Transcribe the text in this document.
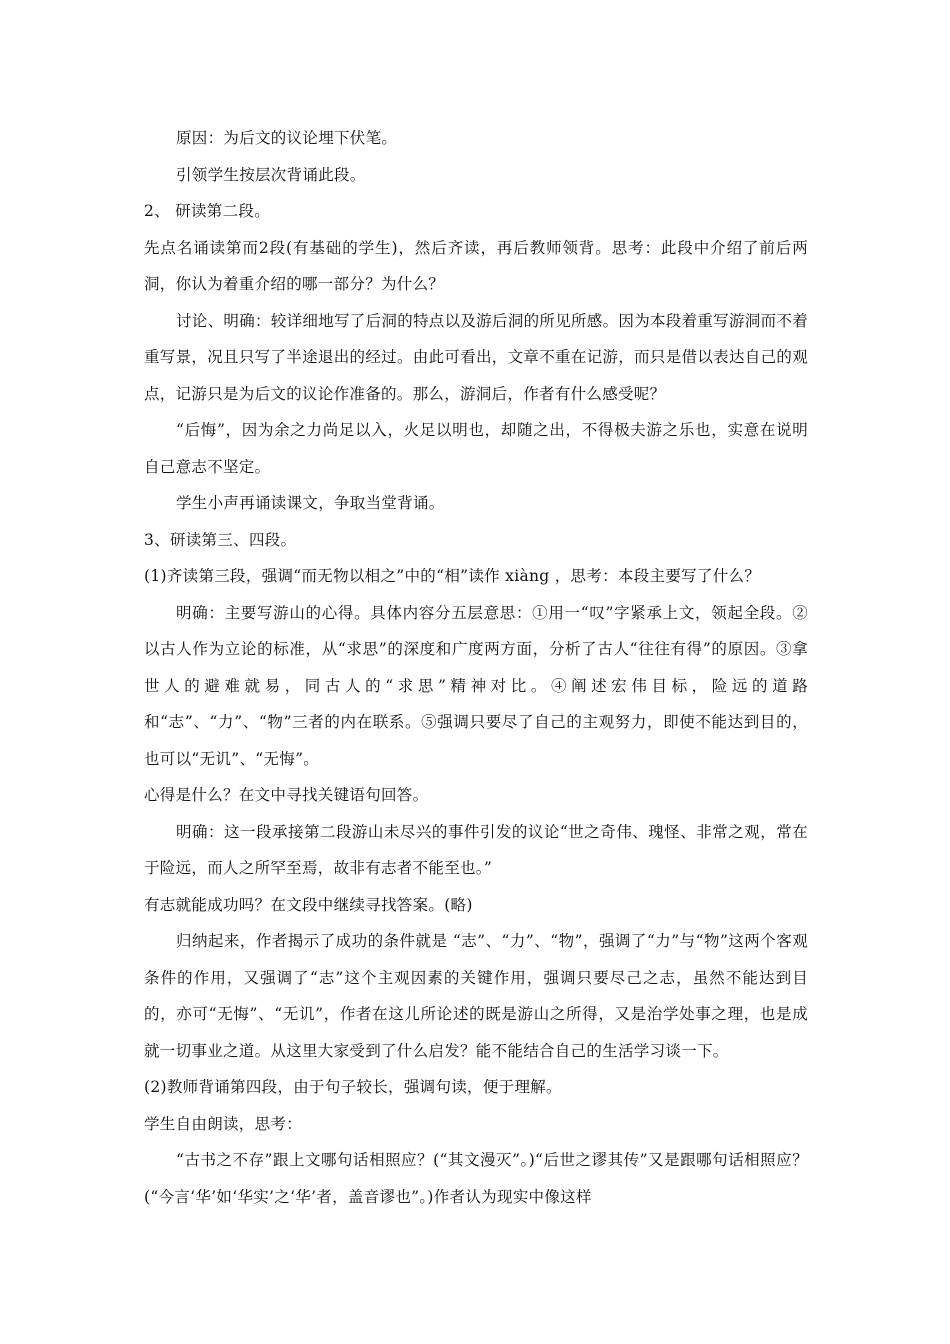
原因：为后文的议论埋下伏笔。

引领学生按层次背诵此段。

2、 研读第二段。

先点名诵读第而2段(有基础的学生)，然后齐读，再后教师领背。思考：此段中介绍了前后两洞，你认为着重介绍的哪一部分？为什么？

讨论、明确：较详细地写了后洞的特点以及游后洞的所见所感。因为本段着重写游洞而不着重写景，况且只写了半途退出的经过。由此可看出，文章不重在记游，而只是借以表达自己的观点，记游只是为后文的议论作准备的。那么，游洞后，作者有什么感受呢？

“后悔”，因为余之力尚足以入，火足以明也，却随之出，不得极夫游之乐也，实意在说明自己意志不坚定。

学生小声再诵读课文，争取当堂背诵。

3、研读第三、四段。

(1)齐读第三段，强调“而无物以相之”中的“相”读作 xiàng ，思考：本段主要写了什么？

明确：主要写游山的心得。具体内容分五层意思：①用一“叹”字紧承上文，领起全段。②以古人作为立论的标准，从“求思”的深度和广度两方面，分析了古人“往往有得”的原因。③拿世人的避难就易，同古人的“求思”精神对比。④阐述宏伟目标，险远的道路和“志”、“力”、“物”三者的内在联系。⑤强调只要尽了自己的主观努力，即使不能达到目的，也可以“无讥”、“无悔”。

心得是什么？在文中寻找关键语句回答。

明确：这一段承接第二段游山未尽兴的事件引发的议论“世之奇伟、瑰怪、非常之观，常在于险远，而人之所罕至焉，故非有志者不能至也。”

有志就能成功吗？在文段中继续寻找答案。(略)

归纳起来，作者揭示了成功的条件就是 “志”、“力”、“物”，强调了“力”与“物”这两个客观条件的作用，又强调了“志”这个主观因素的关键作用，强调只要尽己之志，虽然不能达到目的，亦可“无悔”、“无讥”，作者在这儿所论述的既是游山之所得，又是治学处事之理，也是成就一切事业之道。从这里大家受到了什么启发？能不能结合自己的生活学习谈一下。

(2)教师背诵第四段，由于句子较长，强调句读，便于理解。

学生自由朗读，思考：

“古书之不存”跟上文哪句话相照应？(“其文漫灭”。)“后世之谬其传”又是跟哪句话相照应？(“今言‘华’如‘华实’之‘华’者，盖音谬也”。)作者认为现实中像这样
